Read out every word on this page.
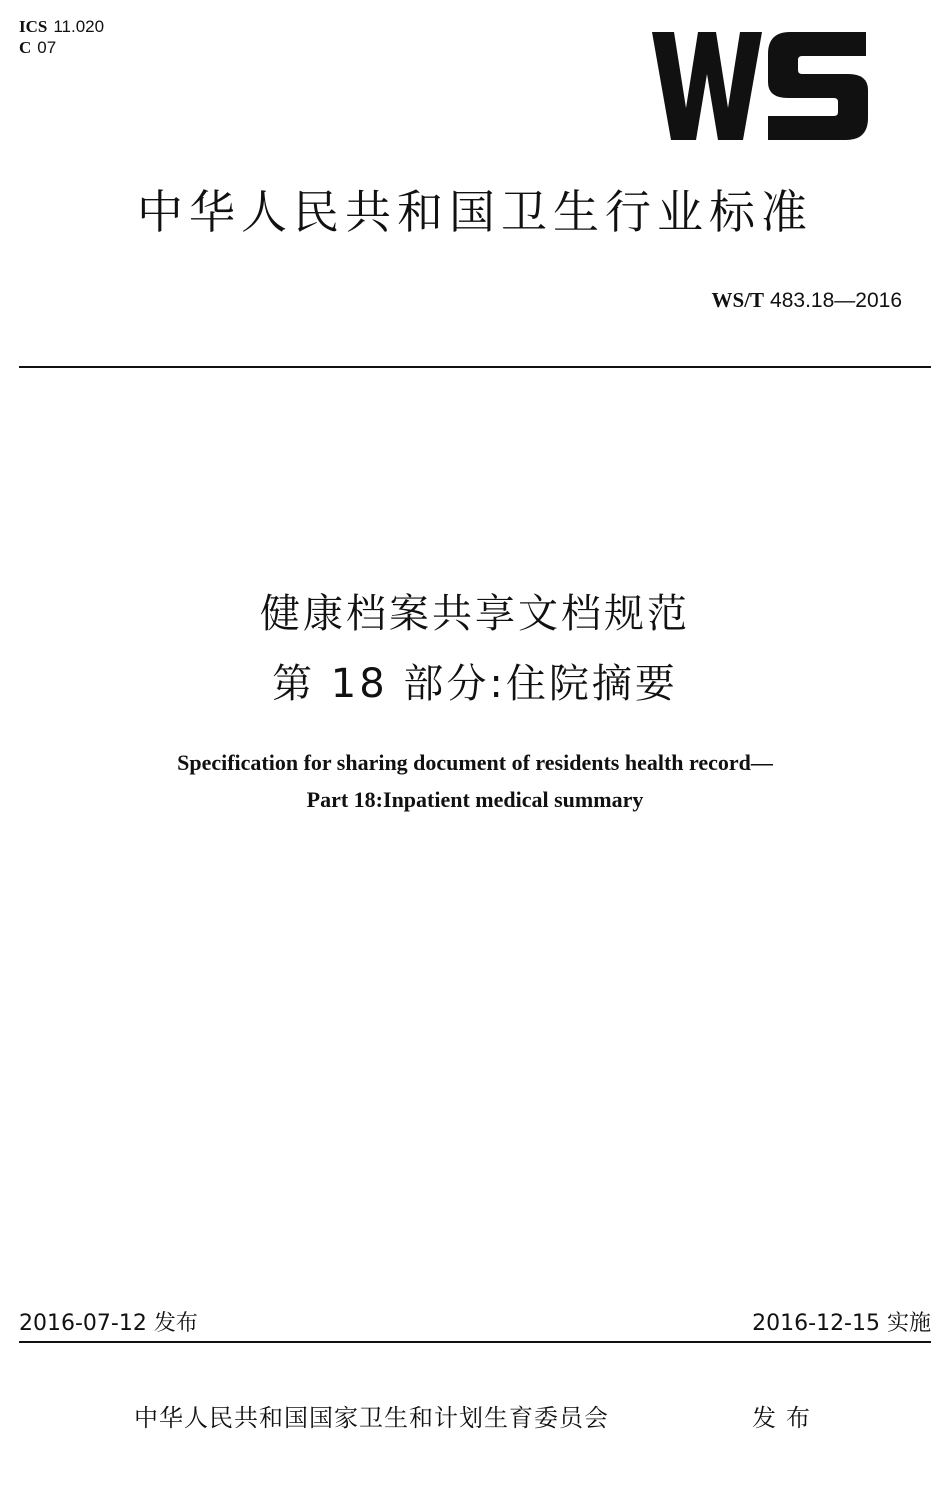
ICS 11.020
C 07
中华人民共和国卫生行业标准
WS/T 483.18—2016
健康档案共享文档规范
第 18 部分:住院摘要
Specification for sharing document of residents health record—
Part 18:Inpatient medical summary
2016-07-12 发布	2016-12-15 实施
中华人民共和国国家卫生和计划生育委员会	发布
